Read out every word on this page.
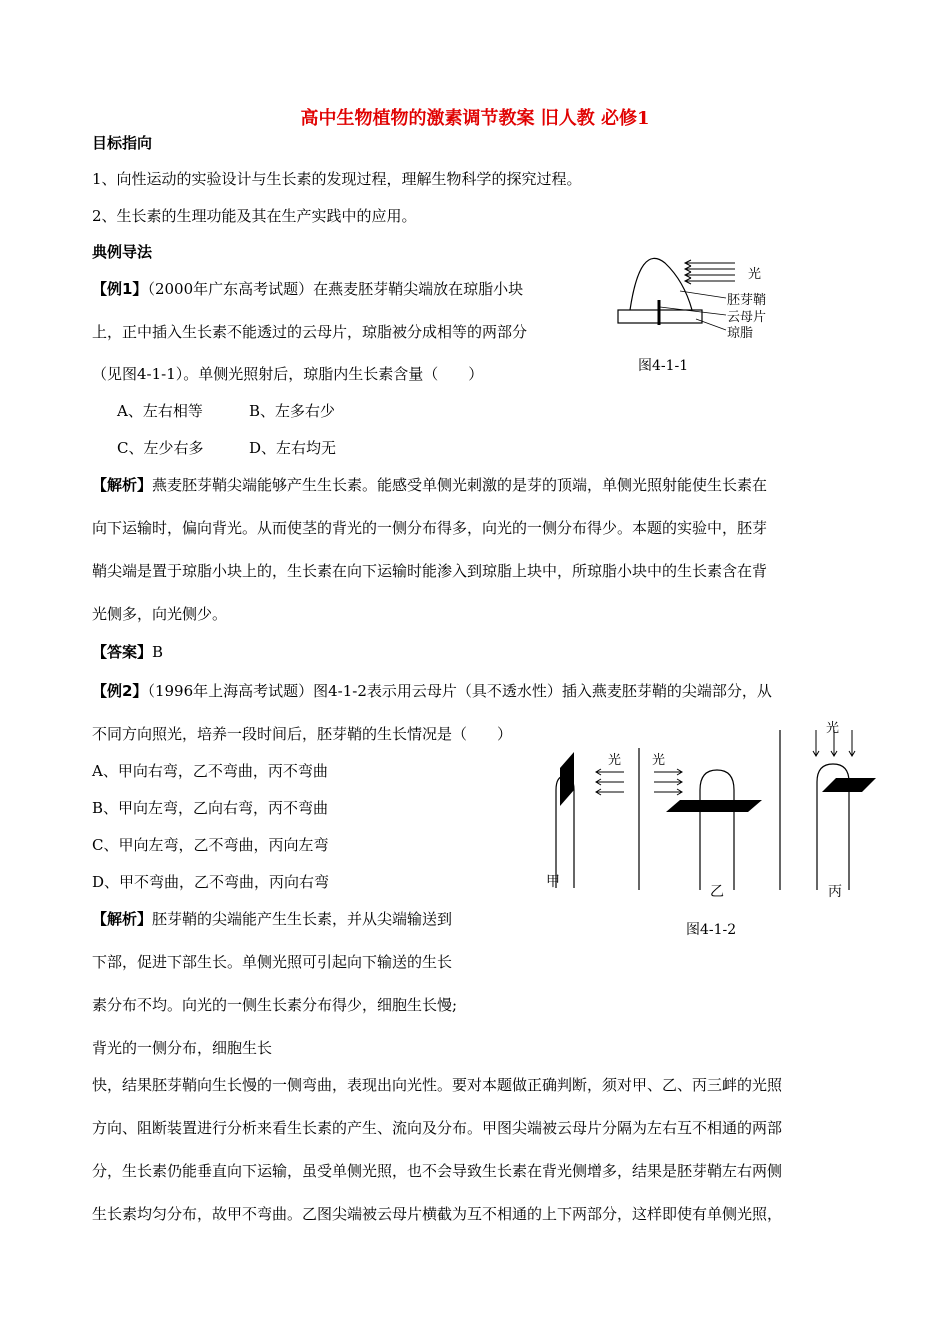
高中生物植物的激素调节教案 旧人教 必修1
目标指向
1、向性运动的实验设计与生长素的发现过程，理解生物科学的探究过程。
2、生长素的生理功能及其在生产实践中的应用。
典例导法
【例1】（2000年广东高考试题）在燕麦胚芽鞘尖端放在琼脂小块
上，正中插入生长素不能透过的云母片，琼脂被分成相等的两部分
（见图4-1-1）。单侧光照射后，琼脂内生长素含量（　　）
A、左右相等	B、左多右少
C、左少右多	D、左右均无
【解析】燕麦胚芽鞘尖端能够产生生长素。能感受单侧光刺激的是芽的顶端，单侧光照射能使生长素在
向下运输时，偏向背光。从而使茎的背光的一侧分布得多，向光的一侧分布得少。本题的实验中，胚芽
鞘尖端是置于琼脂小块上的，生长素在向下运输时能渗入到琼脂上块中，所琼脂小块中的生长素含在背
光侧多，向光侧少。
【答案】B
光
胚芽鞘
云母片
琼脂
图4-1-1
【例2】（1996年上海高考试题）图4-1-2表示用云母片（具不透水性）插入燕麦胚芽鞘的尖端部分，从
不同方向照光，培养一段时间后，胚芽鞘的生长情况是（　　）
A、甲向右弯，乙不弯曲，丙不弯曲
B、甲向左弯，乙向右弯，丙不弯曲
C、甲向左弯，乙不弯曲，丙向左弯
D、甲不弯曲，乙不弯曲，丙向右弯
【解析】胚芽鞘的尖端能产生生长素，并从尖端输送到
下部，促进下部生长。单侧光照可引起向下输送的生长
素分布不均。向光的一侧生长素分布得少，细胞生长慢;
背光的一侧分布，细胞生长
快，结果胚芽鞘向生长慢的一侧弯曲，表现出向光性。要对本题做正确判断，须对甲、乙、丙三衅的光照
方向、阻断装置进行分析来看生长素的产生、流向及分布。甲图尖端被云母片分隔为左右互不相通的两部
分，生长素仍能垂直向下运输，虽受单侧光照，也不会导致生长素在背光侧增多，结果是胚芽鞘左右两侧
生长素均匀分布，故甲不弯曲。乙图尖端被云母片横截为互不相通的上下两部分，这样即使有单侧光照，
光
甲
光
乙
光
丙
图4-1-2
